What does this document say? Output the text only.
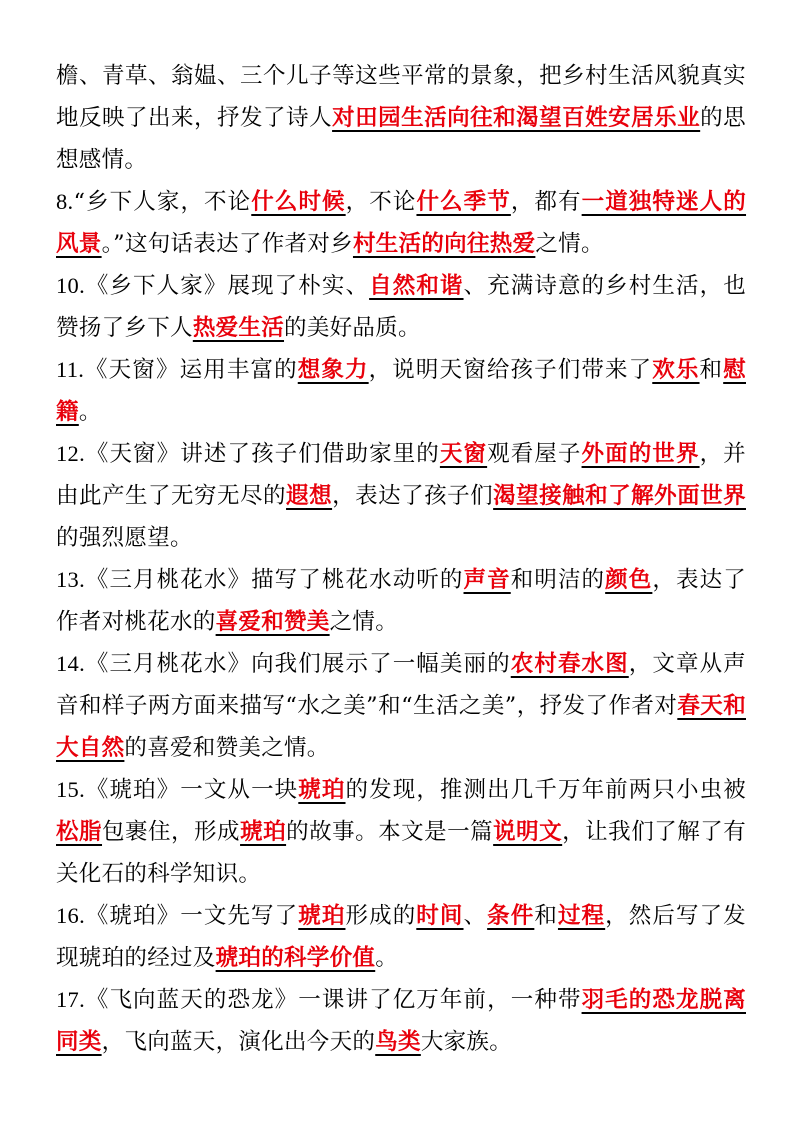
檐、青草、翁媪、三个儿子等这些平常的景象，把乡村生活风貌真实地反映了出来，抒发了诗人对田园生活向往和渴望百姓安居乐业的思想感情。

8.“乡下人家，不论什么时候，不论什么季节，都有一道独特迷人的风景。”这句话表达了作者对乡村生活的向往热爱之情。

10.《乡下人家》展现了朴实、自然和谐、充满诗意的乡村生活，也赞扬了乡下人热爱生活的美好品质。

11.《天窗》运用丰富的想象力，说明天窗给孩子们带来了欢乐和慰籍。

12.《天窗》讲述了孩子们借助家里的天窗观看屋子外面的世界，并由此产生了无穷无尽的遐想，表达了孩子们渴望接触和了解外面世界的强烈愿望。

13.《三月桃花水》描写了桃花水动听的声音和明洁的颜色，表达了作者对桃花水的喜爱和赞美之情。

14.《三月桃花水》向我们展示了一幅美丽的农村春水图，文章从声音和样子两方面来描写“水之美”和“生活之美”，抒发了作者对春天和大自然的喜爱和赞美之情。

15.《琥珀》一文从一块琥珀的发现，推测出几千万年前两只小虫被松脂包裹住，形成琥珀的故事。本文是一篇说明文，让我们了解了有关化石的科学知识。

16.《琥珀》一文先写了琥珀形成的时间、条件和过程，然后写了发现琥珀的经过及琥珀的科学价值。

17.《飞向蓝天的恐龙》一课讲了亿万年前，一种带羽毛的恐龙脱离同类，飞向蓝天，演化出今天的鸟类大家族。
